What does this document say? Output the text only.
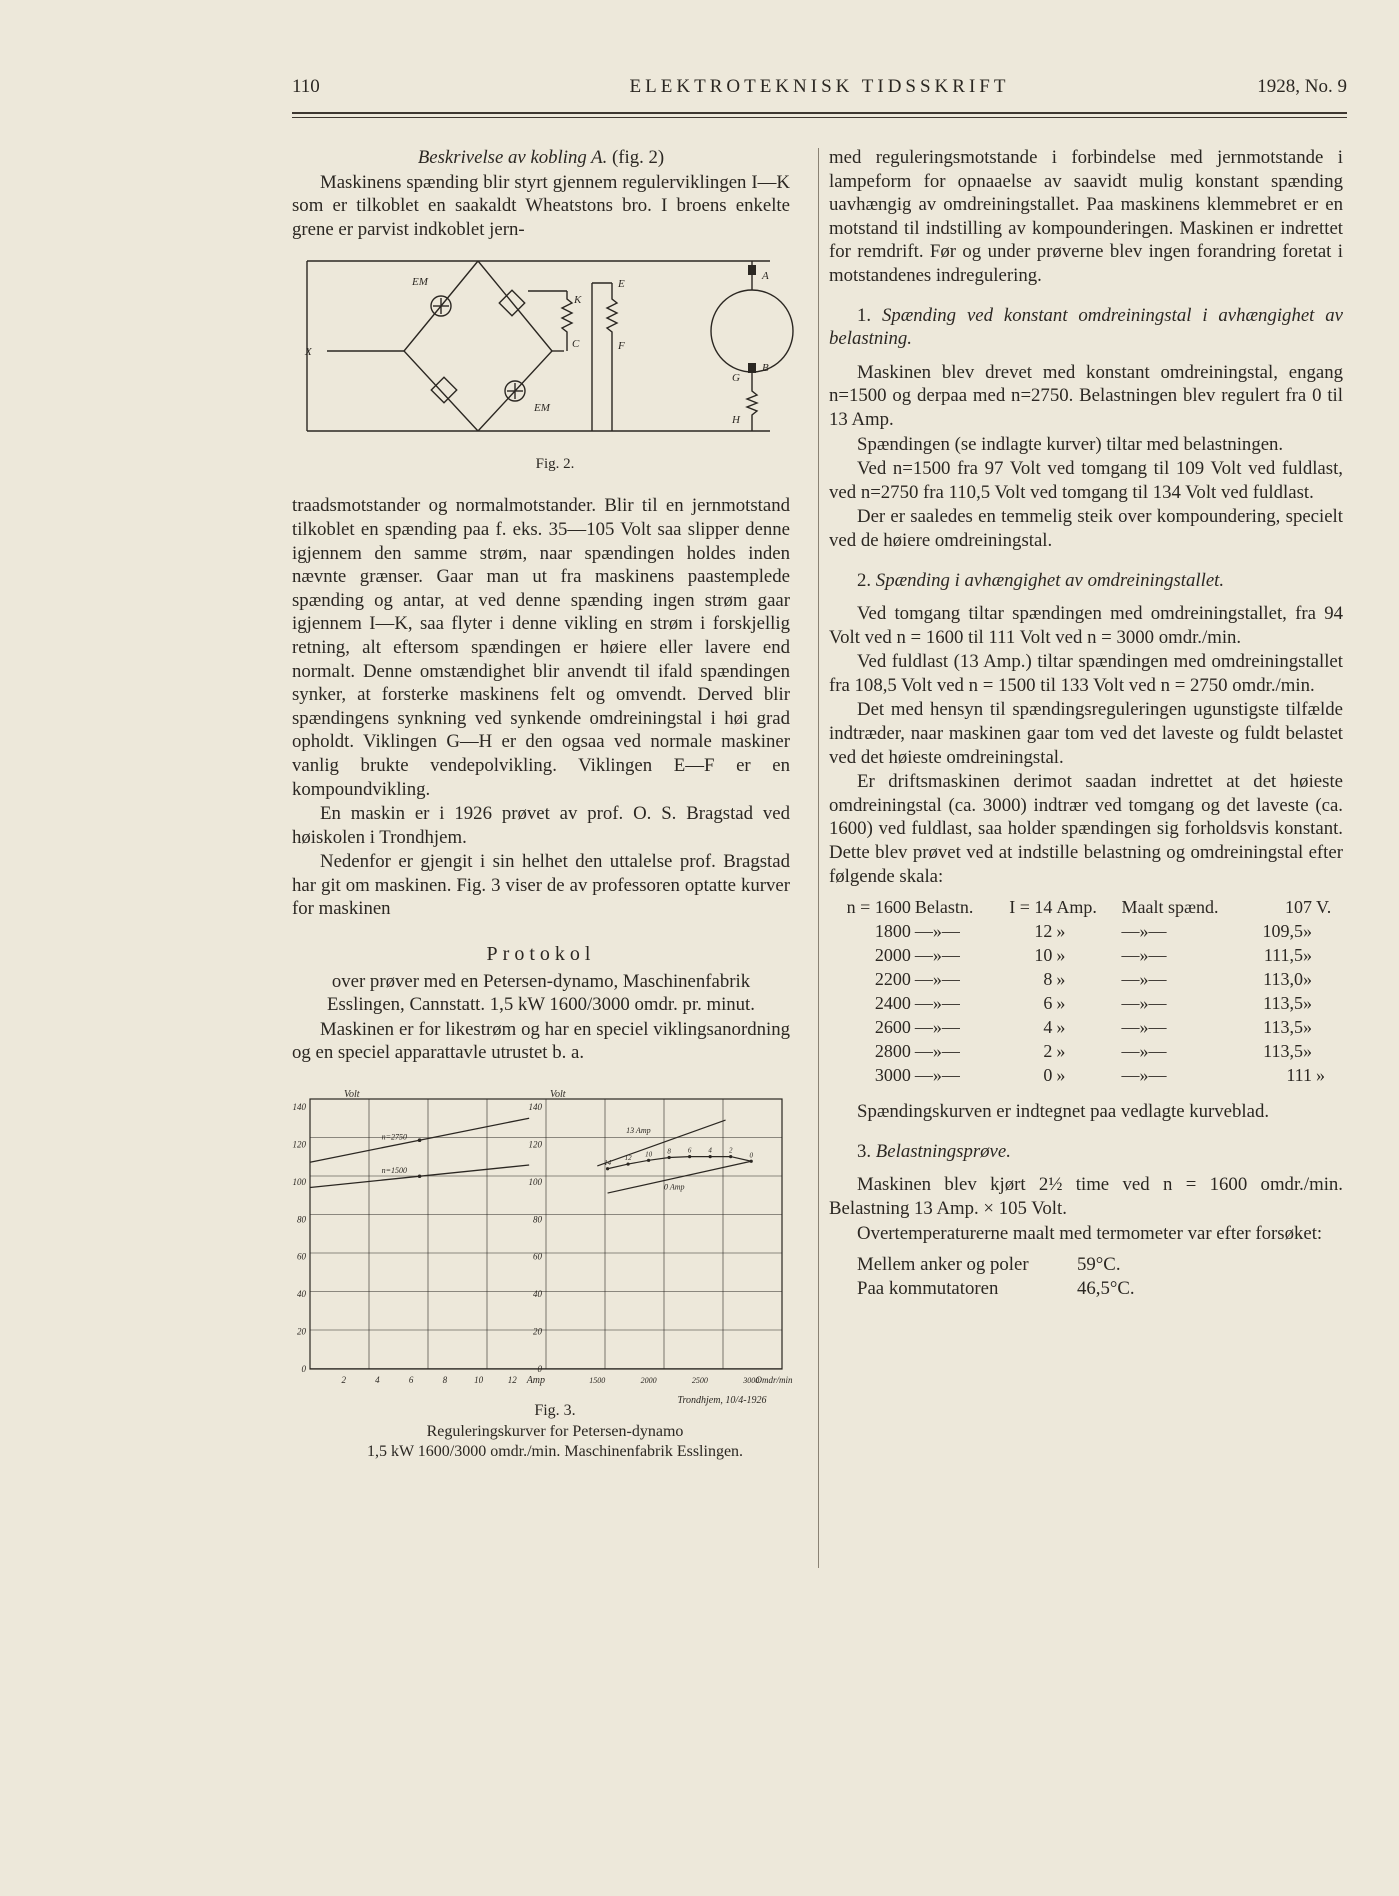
110	ELEKTROTEKNISK TIDSSKRIFT	1928, No. 9

Beskrivelse av kobling A. (fig. 2)

Maskinens spænding blir styrt gjennem regulerviklingen I—K som er tilkoblet en saakaldt Wheatstons bro. I broens enkelte grene er parvist indkoblet jern-

X
EM
EM
K
C
E
F
A
B
G
H

Fig. 2.

traadsmotstander og normalmotstander. Blir til en jernmotstand tilkoblet en spænding paa f. eks. 35—105 Volt saa slipper denne igjennem den samme strøm, naar spændingen holdes inden nævnte grænser. Gaar man ut fra maskinens paastemplede spænding og antar, at ved denne spænding ingen strøm gaar igjennem I—K, saa flyter i denne vikling en strøm i forskjellig retning, alt eftersom spændingen er høiere eller lavere end normalt. Denne omstændighet blir anvendt til ifald spændingen synker, at forsterke maskinens felt og omvendt. Derved blir spændingens synkning ved synkende omdreiningstal i høi grad opholdt. Viklingen G—H er den ogsaa ved normale maskiner vanlig brukte vendepolvikling. Viklingen E—F er en kompoundvikling.

En maskin er i 1926 prøvet av prof. O. S. Bragstad ved høiskolen i Trondhjem.

Nedenfor er gjengit i sin helhet den uttalelse prof. Bragstad har git om maskinen. Fig. 3 viser de av professoren optatte kurver for maskinen

Protokol

over prøver med en Petersen-dynamo, Maschinenfabrik Esslingen, Cannstatt. 1,5 kW 1600/3000 omdr. pr. minut.

Maskinen er for likestrøm og har en speciel viklingsanordning og en speciel apparattavle utrustet b. a.

0
20
40
60
80
100
120
140
2	4	6	8	10	12
Volt
Amp
n=2750
n=1500
0
20
40
60
80
100
120
140
1500	2000	2500	3000
Volt
Omdr/min
14
12 10 8 6 4 2
0
13 Amp
0 Amp
Trondhjem, 10/4-1926

Fig. 3.

Reguleringskurver for Petersen-dynamo

1,5 kW 1600/3000 omdr./min. Maschinenfabrik Esslingen.

med reguleringsmotstande i forbindelse med jernmotstande i lampeform for opnaaelse av saavidt mulig konstant spænding uavhængig av omdreiningstallet. Paa maskinens klemmebret er en motstand til indstilling av kompounderingen. Maskinen er indrettet for remdrift. Før og under prøverne blev ingen forandring foretat i motstandenes indregulering.

1. Spænding ved konstant omdreiningstal i avhængighet av belastning.

Maskinen blev drevet med konstant omdreiningstal, engang n=1500 og derpaa med n=2750. Belastningen blev regulert fra 0 til 13 Amp.

Spændingen (se indlagte kurver) tiltar med belastningen.

Ved n=1500 fra 97 Volt ved tomgang til 109 Volt ved fuldlast, ved n=2750 fra 110,5 Volt ved tomgang til 134 Volt ved fuldlast.

Der er saaledes en temmelig steik over kompoundering, specielt ved de høiere omdreiningstal.

2. Spænding i avhængighet av omdreiningstallet.

Ved tomgang tiltar spændingen med omdreiningstallet, fra 94 Volt ved n = 1600 til 111 Volt ved n = 3000 omdr./min.

Ved fuldlast (13 Amp.) tiltar spændingen med omdreiningstallet fra 108,5 Volt ved n = 1500 til 133 Volt ved n = 2750 omdr./min.

Det med hensyn til spændingsreguleringen ugunstigste tilfælde indtræder, naar maskinen gaar tom ved det laveste og fuldt belastet ved det høieste omdreiningstal.

Er driftsmaskinen derimot saadan indrettet at det høieste omdreiningstal (ca. 3000) indtrær ved tomgang og det laveste (ca. 1600) ved fuldlast, saa holder spændingen sig forholdsvis konstant. Dette blev prøvet ved at indstille belastning og omdreiningstal efter følgende skala:

n = 1600	Belastn.	I = 14	Amp.	Maalt spænd.	107	V.
1800	—»—	12	»	—»—	109,5»	
2000	—»—	10	»	—»—	111,5»	
2200	—»—	8	»	—»—	113,0»	
2400	—»—	6	»	—»—	113,5»	
2600	—»—	4	»	—»—	113,5»	
2800	—»—	2	»	—»—	113,5»	
3000	—»—	0	»	—»—	111	»

Spændingskurven er indtegnet paa vedlagte kurveblad.

3. Belastningsprøve.

Maskinen blev kjørt 2½ time ved n = 1600 omdr./min. Belastning 13 Amp. × 105 Volt.

Overtemperaturerne maalt med termometer var efter forsøket:

Mellem anker og poler	59°C.
Paa kommutatoren	46,5°C.
